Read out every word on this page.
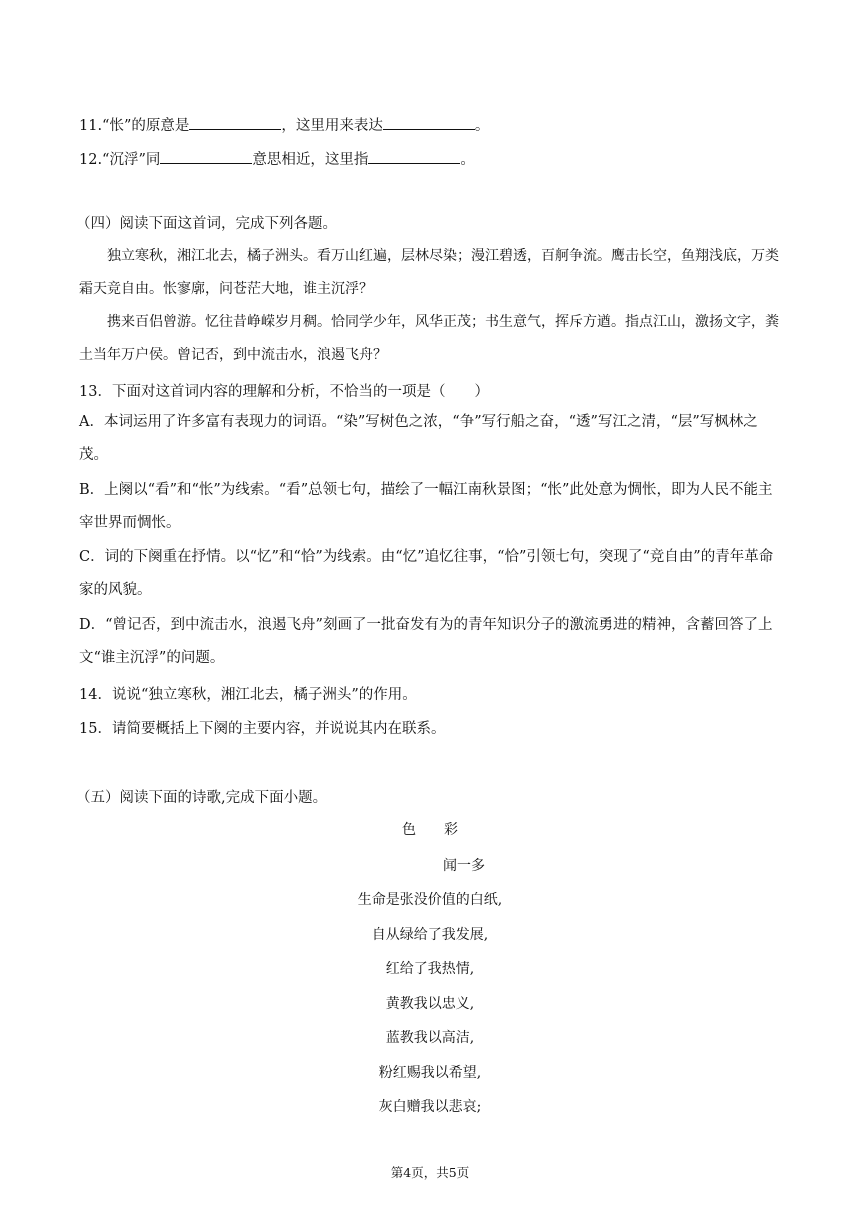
11.“怅”的原意是	，这里用来表达	。
12.“沉浮”同	意思相近，这里指	。
（四）阅读下面这首词，完成下列各题。
独立寒秋，湘江北去，橘子洲头。看万山红遍，层林尽染；漫江碧透，百舸争流。鹰击长空，鱼翔浅底，万类霜天竞自由。怅寥廓，问苍茫大地，谁主沉浮？
携来百侣曾游。忆往昔峥嵘岁月稠。恰同学少年，风华正茂；书生意气，挥斥方遒。指点江山，激扬文字，粪土当年万户侯。曾记否，到中流击水，浪遏飞舟？
13．下面对这首词内容的理解和分析，不恰当的一项是（　　）
A．本词运用了许多富有表现力的词语。“染”写树色之浓，“争”写行船之奋，“透”写江之清，“层”写枫林之茂。
B．上阕以“看”和“怅”为线索。“看”总领七句，描绘了一幅江南秋景图；“怅”此处意为惆怅，即为人民不能主宰世界而惆怅。
C．词的下阕重在抒情。以“忆”和“恰”为线索。由“忆”追忆往事，“恰”引领七句，突现了“竞自由”的青年革命家的风貌。
D．“曾记否，到中流击水，浪遏飞舟”刻画了一批奋发有为的青年知识分子的激流勇进的精神，含蓄回答了上文“谁主沉浮”的问题。
14．说说“独立寒秋，湘江北去，橘子洲头”的作用。
15．请简要概括上下阕的主要内容，并说说其内在联系。
（五）阅读下面的诗歌,完成下面小题。
色　　彩
闻一多
生命是张没价值的白纸,
自从绿给了我发展,
红给了我热情,
黄教我以忠义,
蓝教我以高洁,
粉红赐我以希望,
灰白赠我以悲哀;
第4页，共5页
